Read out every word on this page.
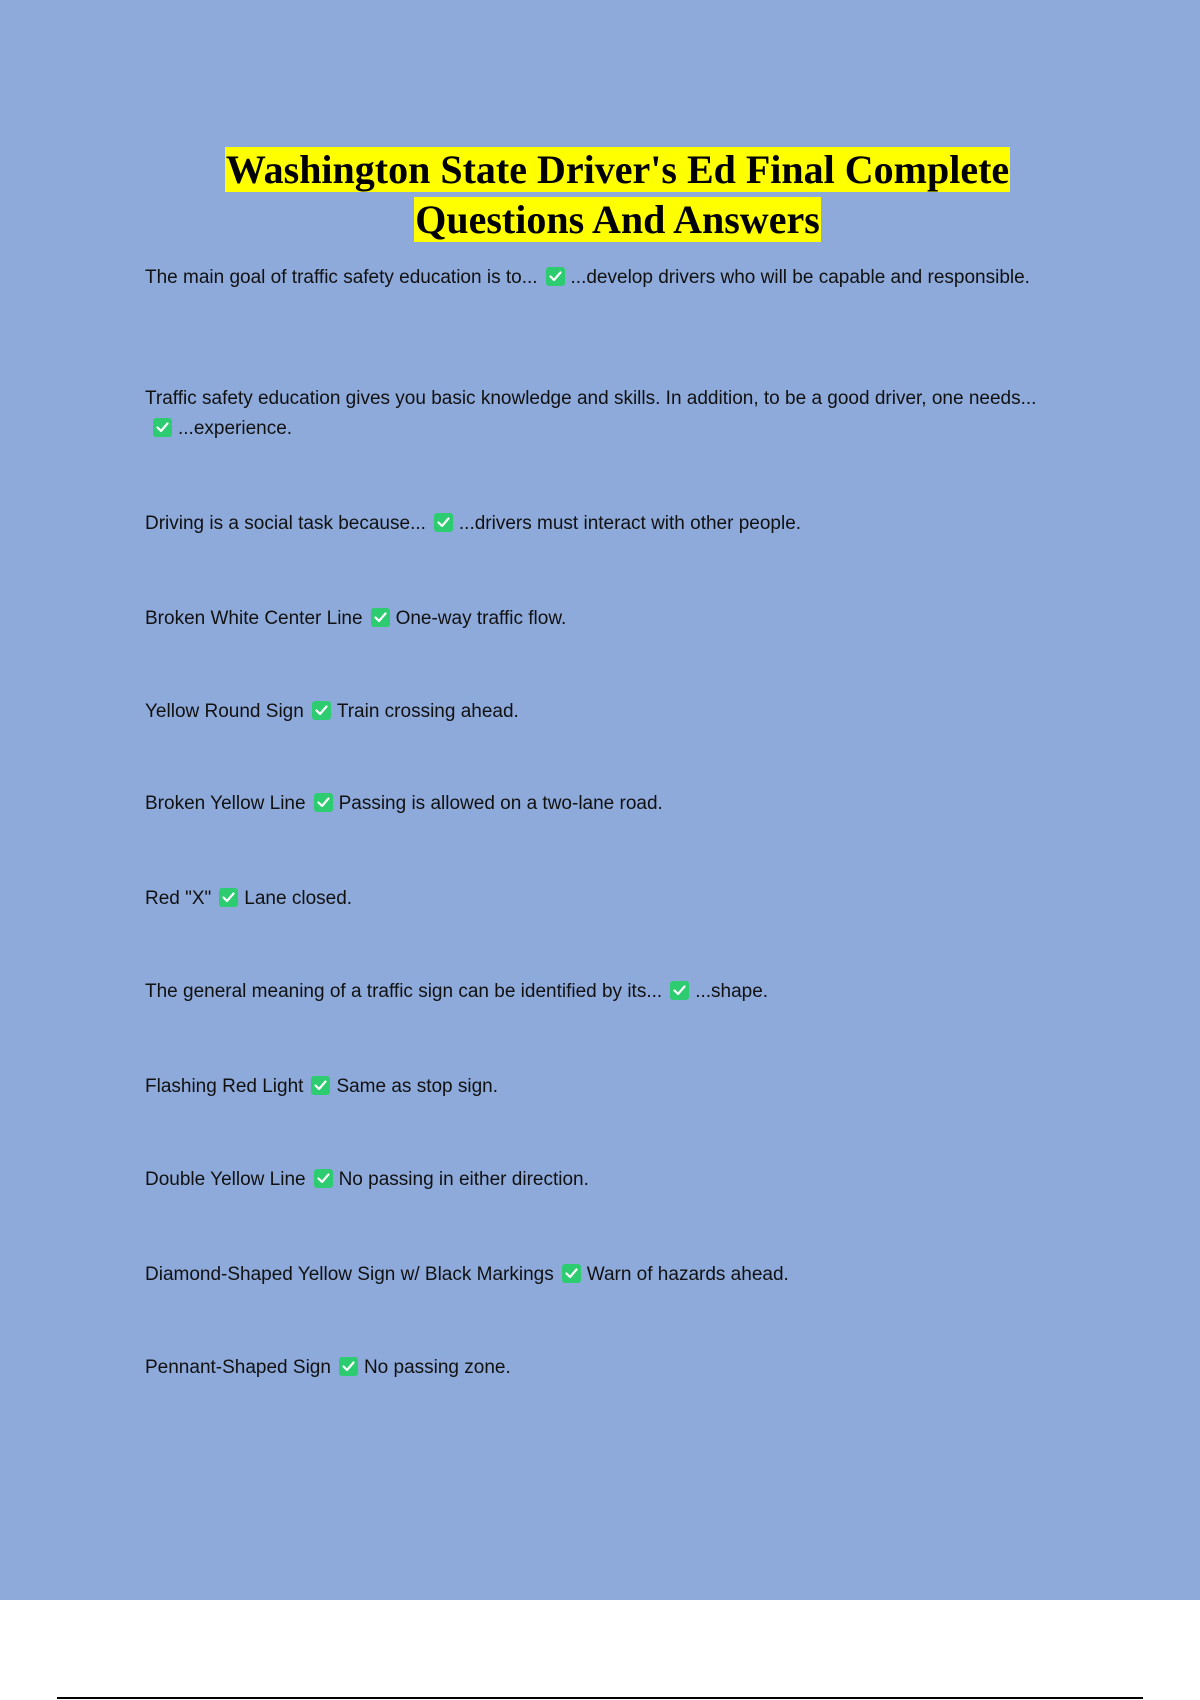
Washington State Driver's Ed Final Complete
Questions And Answers

The main goal of traffic safety education is to... ...develop drivers who will be capable and responsible.

Traffic safety education gives you basic knowledge and skills. In addition, to be a good driver, one needs...
...experience.

Driving is a social task because... ...drivers must interact with other people.

Broken White Center Line One-way traffic flow.

Yellow Round Sign Train crossing ahead.

Broken Yellow Line Passing is allowed on a two-lane road.

Red "X" Lane closed.

The general meaning of a traffic sign can be identified by its... ...shape.

Flashing Red Light Same as stop sign.

Double Yellow Line No passing in either direction.

Diamond-Shaped Yellow Sign w/ Black Markings Warn of hazards ahead.

Pennant-Shaped Sign No passing zone.
